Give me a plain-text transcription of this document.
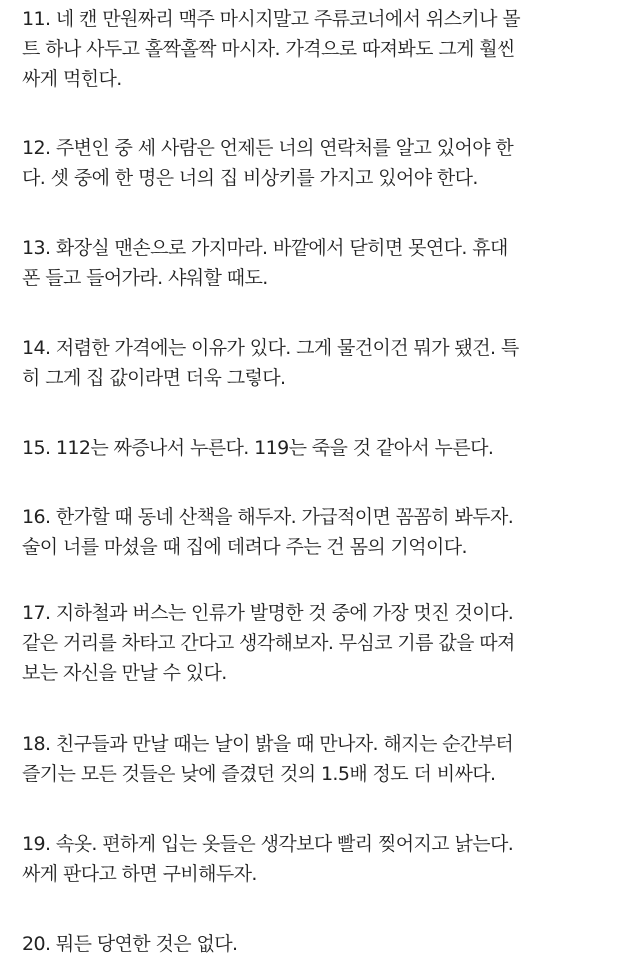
11. 네 캔 만원짜리 맥주 마시지말고 주류코너에서 위스키나 몰
트 하나 사두고 홀짝홀짝 마시자. 가격으로 따져봐도 그게 훨씬
싸게 먹힌다.

12. 주변인 중 세 사람은 언제든 너의 연락처를 알고 있어야 한
다. 셋 중에 한 명은 너의 집 비상키를 가지고 있어야 한다.

13. 화장실 맨손으로 가지마라. 바깥에서 닫히면 못연다. 휴대
폰 들고 들어가라. 샤워할 때도.

14. 저렴한 가격에는 이유가 있다. 그게 물건이건 뭐가 됐건. 특
히 그게 집 값이라면 더욱 그렇다.

15. 112는 짜증나서 누른다. 119는 죽을 것 같아서 누른다.

16. 한가할 때 동네 산책을 해두자. 가급적이면 꼼꼼히 봐두자.
술이 너를 마셨을 때 집에 데려다 주는 건 몸의 기억이다.

17. 지하철과 버스는 인류가 발명한 것 중에 가장 멋진 것이다.
같은 거리를 차타고 간다고 생각해보자. 무심코 기름 값을 따져
보는 자신을 만날 수 있다.

18. 친구들과 만날 때는 날이 밝을 때 만나자. 해지는 순간부터
즐기는 모든 것들은 낮에 즐겼던 것의 1.5배 정도 더 비싸다.

19. 속옷. 편하게 입는 옷들은 생각보다 빨리 찢어지고 낡는다.
싸게 판다고 하면 구비해두자.

20. 뭐든 당연한 것은 없다.
